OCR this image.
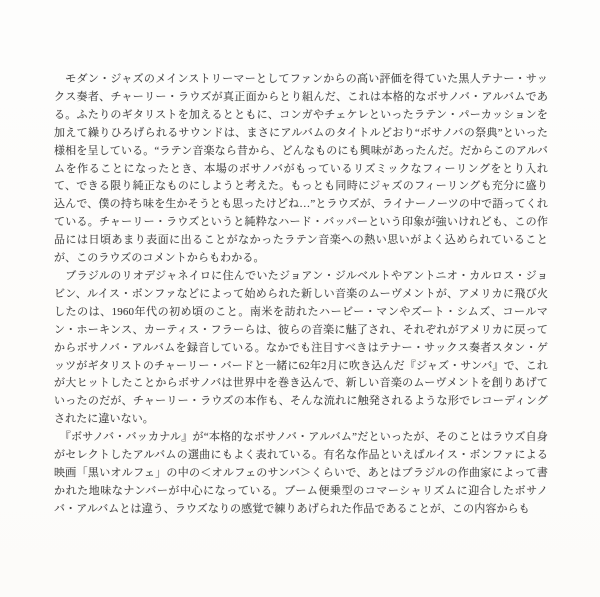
　モダン・ジャズのメインストリーマーとしてファンからの高い評価を得ていた黒人テナー・サックス奏者、チャーリー・ラウズが真正面からとり組んだ、これは本格的なボサノバ・アルバムである。ふたりのギタリストを加えるとともに、コンガやチェケレといったラテン・パーカッションを加えて繰りひろげられるサウンドは、まさにアルバムのタイトルどおり“ボサノバの祭典”といった様相を呈している。“ラテン音楽なら昔から、どんなものにも興味があったんだ。だからこのアルバムを作ることになったとき、本場のボサノバがもっているリズミックなフィーリングをとり入れて、できる限り純正なものにしようと考えた。もっとも同時にジャズのフィーリングも充分に盛り込んで、僕の持ち味を生かそうとも思ったけどね…”とラウズが、ライナーノーツの中で語ってくれている。チャーリー・ラウズというと純粋なハード・バッパーという印象が強いけれども、この作品には日頃あまり表面に出ることがなかったラテン音楽への熱い思いがよく込められていることが、このラウズのコメントからもわかる。

　ブラジルのリオデジャネイロに住んでいたジョアン・ジルベルトやアントニオ・カルロス・ジョビン、ルイス・ボンファなどによって始められた新しい音楽のムーヴメントが、アメリカに飛び火したのは、1960年代の初め頃のこと。南米を訪れたハービー・マンやズート・シムズ、コールマン・ホーキンス、カーティス・フラーらは、彼らの音楽に魅了され、それぞれがアメリカに戻ってからボサノバ・アルバムを録音している。なかでも注目すべきはテナー・サックス奏者スタン・ゲッツがギタリストのチャーリー・バードと一緒に62年2月に吹き込んだ『ジャズ・サンバ』で、これが大ヒットしたことからボサノバは世界中を巻き込んで、新しい音楽のムーヴメントを創りあげていったのだが、チャーリー・ラウズの本作も、そんな流れに触発されるような形でレコーディングされたに違いない。

　『ボサノバ・バッカナル』が“本格的なボサノバ・アルバム”だといったが、そのことはラウズ自身がセレクトしたアルバムの選曲にもよく表れている。有名な作品といえばルイス・ボンファによる映画「黒いオルフェ」の中の＜オルフェのサンバ＞くらいで、あとはブラジルの作曲家によって書かれた地味なナンバーが中心になっている。ブーム便乗型のコマーシャリズムに迎合したボサノバ・アルバムとは違う、ラウズなりの感覚で練りあげられた作品であることが、この内容からも
